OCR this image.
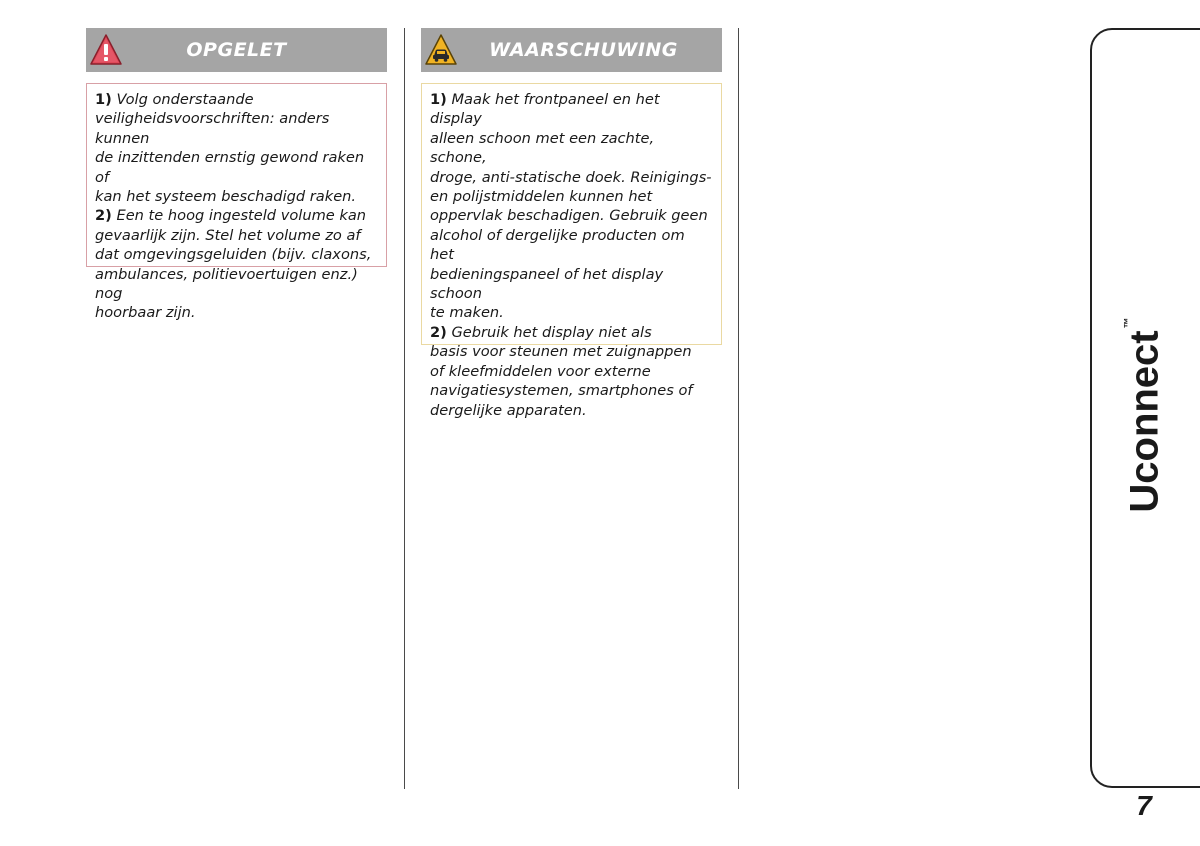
OPGELET
1) Volg onderstaande
veiligheidsvoorschriften: anders kunnen
de inzittenden ernstig gewond raken of
kan het systeem beschadigd raken.
2) Een te hoog ingesteld volume kan
gevaarlijk zijn. Stel het volume zo af
dat omgevingsgeluiden (bijv. claxons,
ambulances, politievoertuigen enz.) nog
hoorbaar zijn.
WAARSCHUWING
1) Maak het frontpaneel en het display
alleen schoon met een zachte, schone,
droge, anti-statische doek. Reinigings-
en polijstmiddelen kunnen het
oppervlak beschadigen. Gebruik geen
alcohol of dergelijke producten om het
bedieningspaneel of het display schoon
te maken.
2) Gebruik het display niet als
basis voor steunen met zuignappen
of kleefmiddelen voor externe
navigatiesystemen, smartphones of
dergelijke apparaten.	Uconnect™
7
